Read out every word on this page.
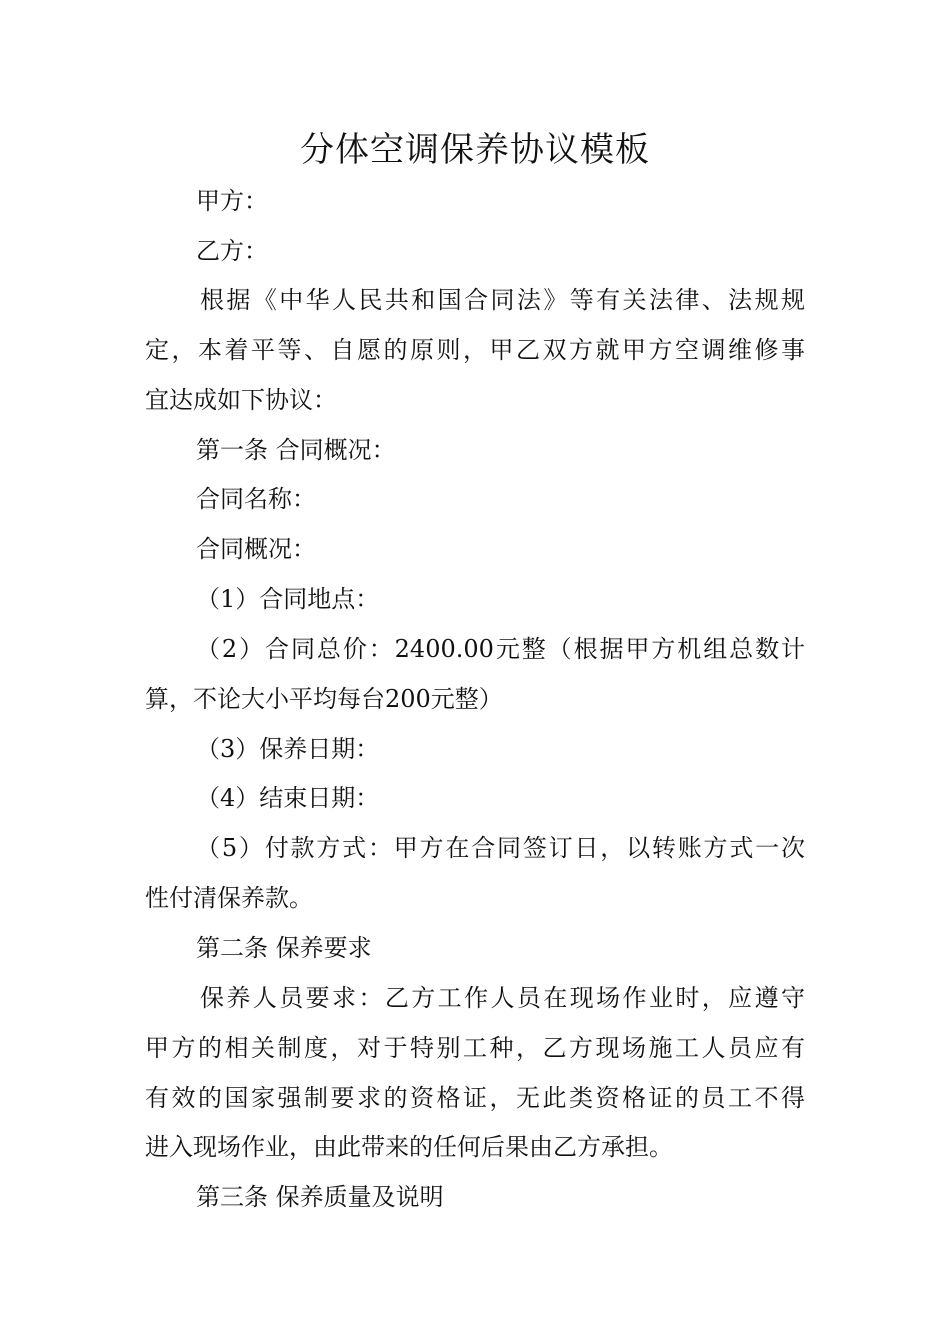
分体空调保养协议模板
甲方：
乙方：
根据《中华人民共和国合同法》等有关法律、法规规
定，本着平等、自愿的原则，甲乙双方就甲方空调维修事
宜达成如下协议：
第一条 合同概况：
合同名称：
合同概况：
（1）合同地点：
（2）合同总价：2400.00元整（根据甲方机组总数计
算，不论大小平均每台200元整）
（3）保养日期：
（4）结束日期：
（5）付款方式：甲方在合同签订日，以转账方式一次
性付清保养款。
第二条 保养要求
保养人员要求：乙方工作人员在现场作业时，应遵守
甲方的相关制度，对于特别工种，乙方现场施工人员应有
有效的国家强制要求的资格证，无此类资格证的员工不得
进入现场作业，由此带来的任何后果由乙方承担。
第三条 保养质量及说明
